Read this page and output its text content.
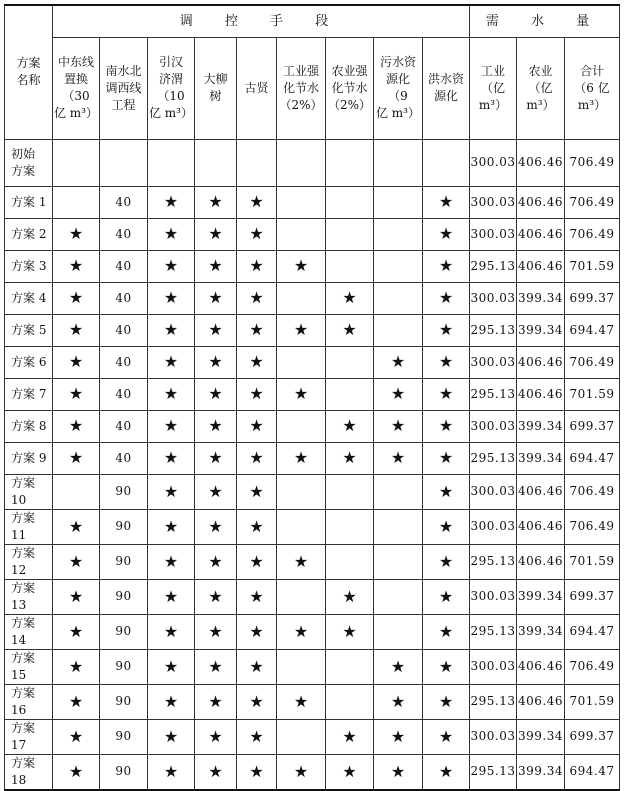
方案
名称	调 控 手 段									需 水 量		
	中东线
置换
（30
亿 m³）	南水北
调西线
工程	引汉
济渭
（10
亿 m³）	大柳
树	古贤	工业强
化节水
（2%）	农业强
化节水
（2%）	污水资
源化
（9
亿 m³）	洪水资
源化	工业
（亿 m³）	农业
（亿 m³）	合计
（6 亿 m³）
初始
方案										300.03	406.46	706.49
方案 1		40	★	★	★				★	300.03	406.46	706.49
方案 2	★	40	★	★	★				★	300.03	406.46	706.49
方案 3	★	40	★	★	★	★			★	295.13	406.46	701.59
方案 4	★	40	★	★	★		★		★	300.03	399.34	699.37
方案 5	★	40	★	★	★	★	★		★	295.13	399.34	694.47
方案 6	★	40	★	★	★			★	★	300.03	406.46	706.49
方案 7	★	40	★	★	★	★		★	★	295.13	406.46	701.59
方案 8	★	40	★	★	★		★	★	★	300.03	399.34	699.37
方案 9	★	40	★	★	★	★	★	★	★	295.13	399.34	694.47
方案 10		90	★	★	★				★	300.03	406.46	706.49
方案 11	★	90	★	★	★				★	300.03	406.46	706.49
方案 12	★	90	★	★	★	★			★	295.13	406.46	701.59
方案 13	★	90	★	★	★		★		★	300.03	399.34	699.37
方案 14	★	90	★	★	★	★	★		★	295.13	399.34	694.47
方案 15	★	90	★	★	★			★	★	300.03	406.46	706.49
方案 16	★	90	★	★	★	★		★	★	295.13	406.46	701.59
方案 17	★	90	★	★	★		★	★	★	300.03	399.34	699.37
方案 18	★	90	★	★	★	★	★	★	★	295.13	399.34	694.47
